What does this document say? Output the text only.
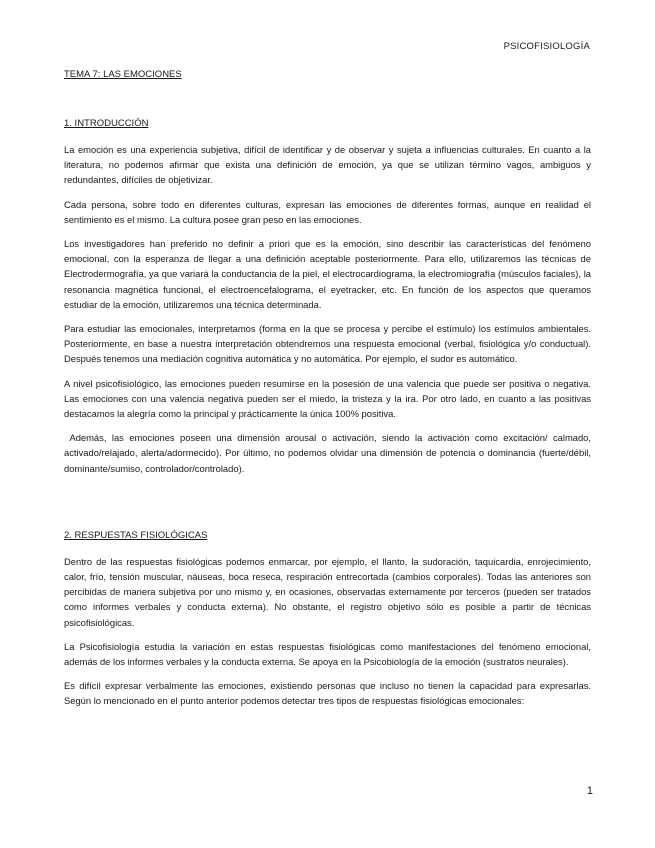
PSICOFISIOLOGÍA
TEMA 7: LAS EMOCIONES
1. INTRODUCCIÓN

La emoción es una experiencia subjetiva, difícil de identificar y de observar y sujeta a influencias culturales. En cuanto a la literatura, no podemos afirmar que exista una definición de emoción, ya que se utilizan término vagos, ambiguos y redundantes, difíciles de objetivizar.

Cada persona, sobre todo en diferentes culturas, expresan las emociones de diferentes formas, aunque en realidad el sentimiento es el mismo. La cultura posee gran peso en las emociones.

Los investigadores han preferido no definir a priori que es la emoción, sino describir las características del fenómeno emocional, con la esperanza de llegar a una definición aceptable posteriormente. Para ello, utilizaremos las técnicas de Electrodermografía, ya que variará la conductancia de la piel, el electrocardiograma, la electromiografía (músculos faciales), la resonancia magnética funcional, el electroencefalograma, el eyetracker, etc. En función de los aspectos que queramos estudiar de la emoción, utilizaremos una técnica determinada.

Para estudiar las emocionales, interpretamos (forma en la que se procesa y percibe el estímulo) los estímulos ambientales. Posteriormente, en base a nuestra interpretación obtendremos una respuesta emocional (verbal, fisiológica y/o conductual). Después tenemos una mediación cognitiva automática y no automática. Por ejemplo, el sudor es automático.

A nivel psicofisiológico, las emociones pueden resumirse en la posesión de una valencia que puede ser positiva o negativa. Las emociones con una valencia negativa pueden ser el miedo, la tristeza y la ira. Por otro lado, en cuanto a las positivas destacamos la alegría como la principal y prácticamente la única 100% positiva.

Además, las emociones poseen una dimensión arousal o activación, siendo la activación como excitación/ calmado, activado/relajado, alerta/adormecido). Por último, no podemos olvidar una dimensión de potencia o dominancia (fuerte/débil, dominante/sumiso, controlador/controlado).

2. RESPUESTAS FISIOLÓGICAS

Dentro de las respuestas fisiológicas podemos enmarcar, por ejemplo, el llanto, la sudoración, taquicardia, enrojecimiento, calor, frío, tensión muscular, náuseas, boca reseca, respiración entrecortada (cambios corporales). Todas las anteriores son percibidas de manera subjetiva por uno mismo y, en ocasiones, observadas externamente por terceros (pueden ser tratados como informes verbales y conducta externa). No obstante, el registro objetivo sólo es posible a partir de técnicas psicofisiológicas.

La Psicofisiología estudia la variación en estas respuestas fisiológicas como manifestaciones del fenómeno emocional, además de los informes verbales y la conducta externa. Se apoya en la Psicobiología de la emoción (sustratos neurales).

Es difícil expresar verbalmente las emociones, existiendo personas que incluso no tienen la capacidad para expresarlas. Según lo mencionado en el punto anterior podemos detectar tres tipos de respuestas fisiológicas emocionales:

1
